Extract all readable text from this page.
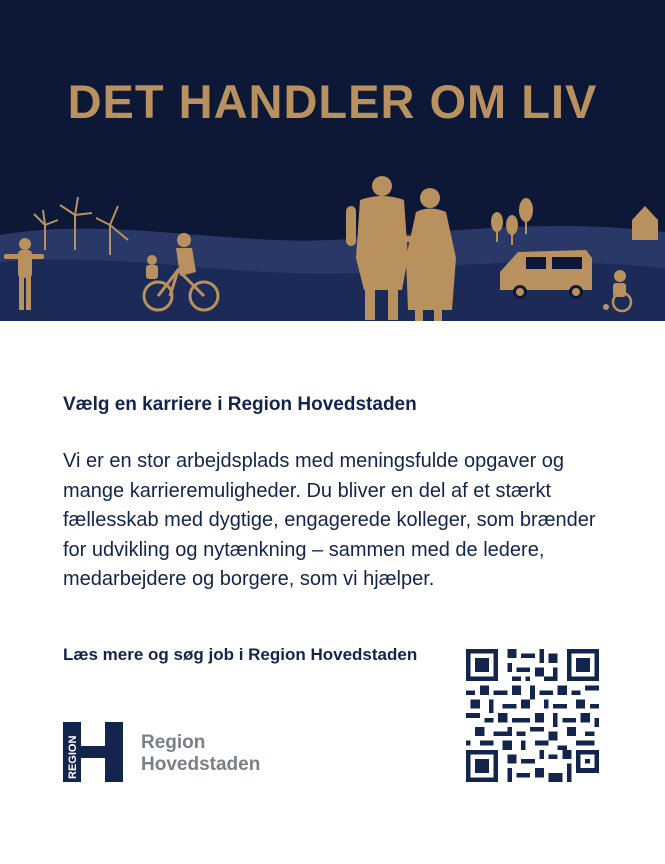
DET HANDLER OM LIV
Vælg en karriere i Region Hovedstaden

Vi er en stor arbejdsplads med meningsfulde opgaver og mange karrieremuligheder. Du bliver en del af et stærkt fællesskab med dygtige, engagerede kolleger, som brænder for udvikling og nytænkning – sammen med de ledere, medarbejdere og borgere, som vi hjælper.

Læs mere og søg job i Region Hovedstaden

REGION	Region
Hovedstaden
